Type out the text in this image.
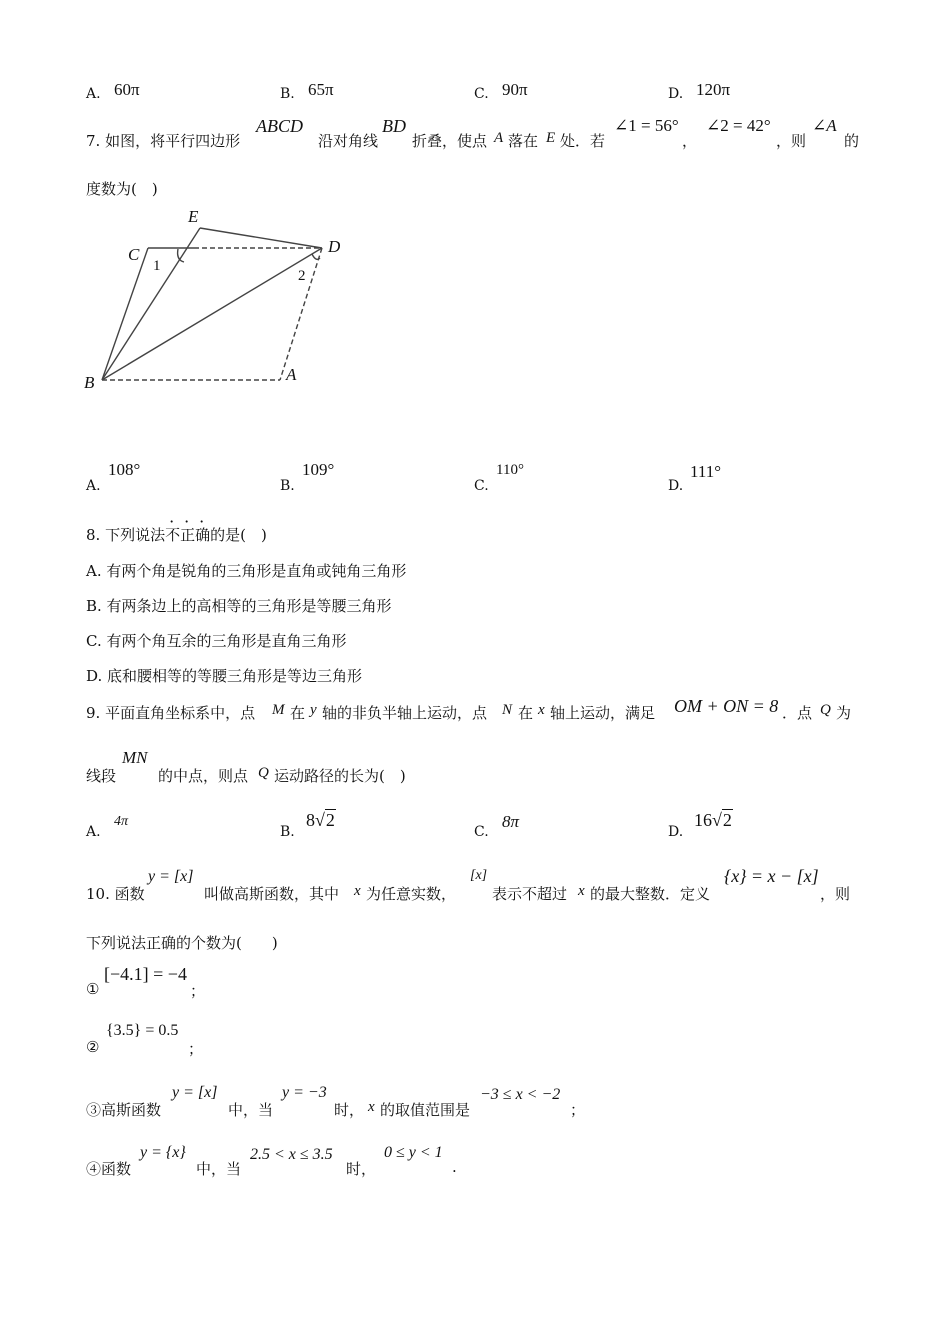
A. 60π	B. 65π	C. 90π	D. 120π
7. 如图，将平行四边形
ABCD
沿对角线
BD
折叠，使点 A 落在 E 处．若
∠1 = 56°
，
∠2 = 42°
，则
∠A
的
度数为(　)
E
C	D
B	A
1
2
A.
108°
B.
109°
C.
110°
D.
111°
8. 下列说法不正确的是(　)
A. 有两个角是锐角的三角形是直角或钝角三角形
B. 有两条边上的高相等的三角形是等腰三角形
C. 有两个角互余的三角形是直角三角形
D. 底和腰相等的等腰三角形是等边三角形
9. 平面直角坐标系中，点 M 在 y 轴的非负半轴上运动，点 N 在 x 轴上运动，满足 OM + ON = 8 ．点 Q 为
线段
MN
的中点，则点 Q 运动路径的长为(　)
A.
4π
B.
8√2
C.
8π
D.
16√2
10. 函数
y = [x]
叫做高斯函数，其中 x 为任意实数，
[x]
表示不超过 x 的最大整数．定义
{x} = x − [x]
，则
下列说法正确的个数为(　　)
①
[−4.1] = −4
；
②
{3.5} = 0.5
；
③高斯函数
y = [x]
中，当
y = −3
时， x 的取值范围是
−3 ≤ x < −2
；
④函数
y = {x}
中，当
2.5 < x ≤ 3.5
时，
0 ≤ y < 1
.
